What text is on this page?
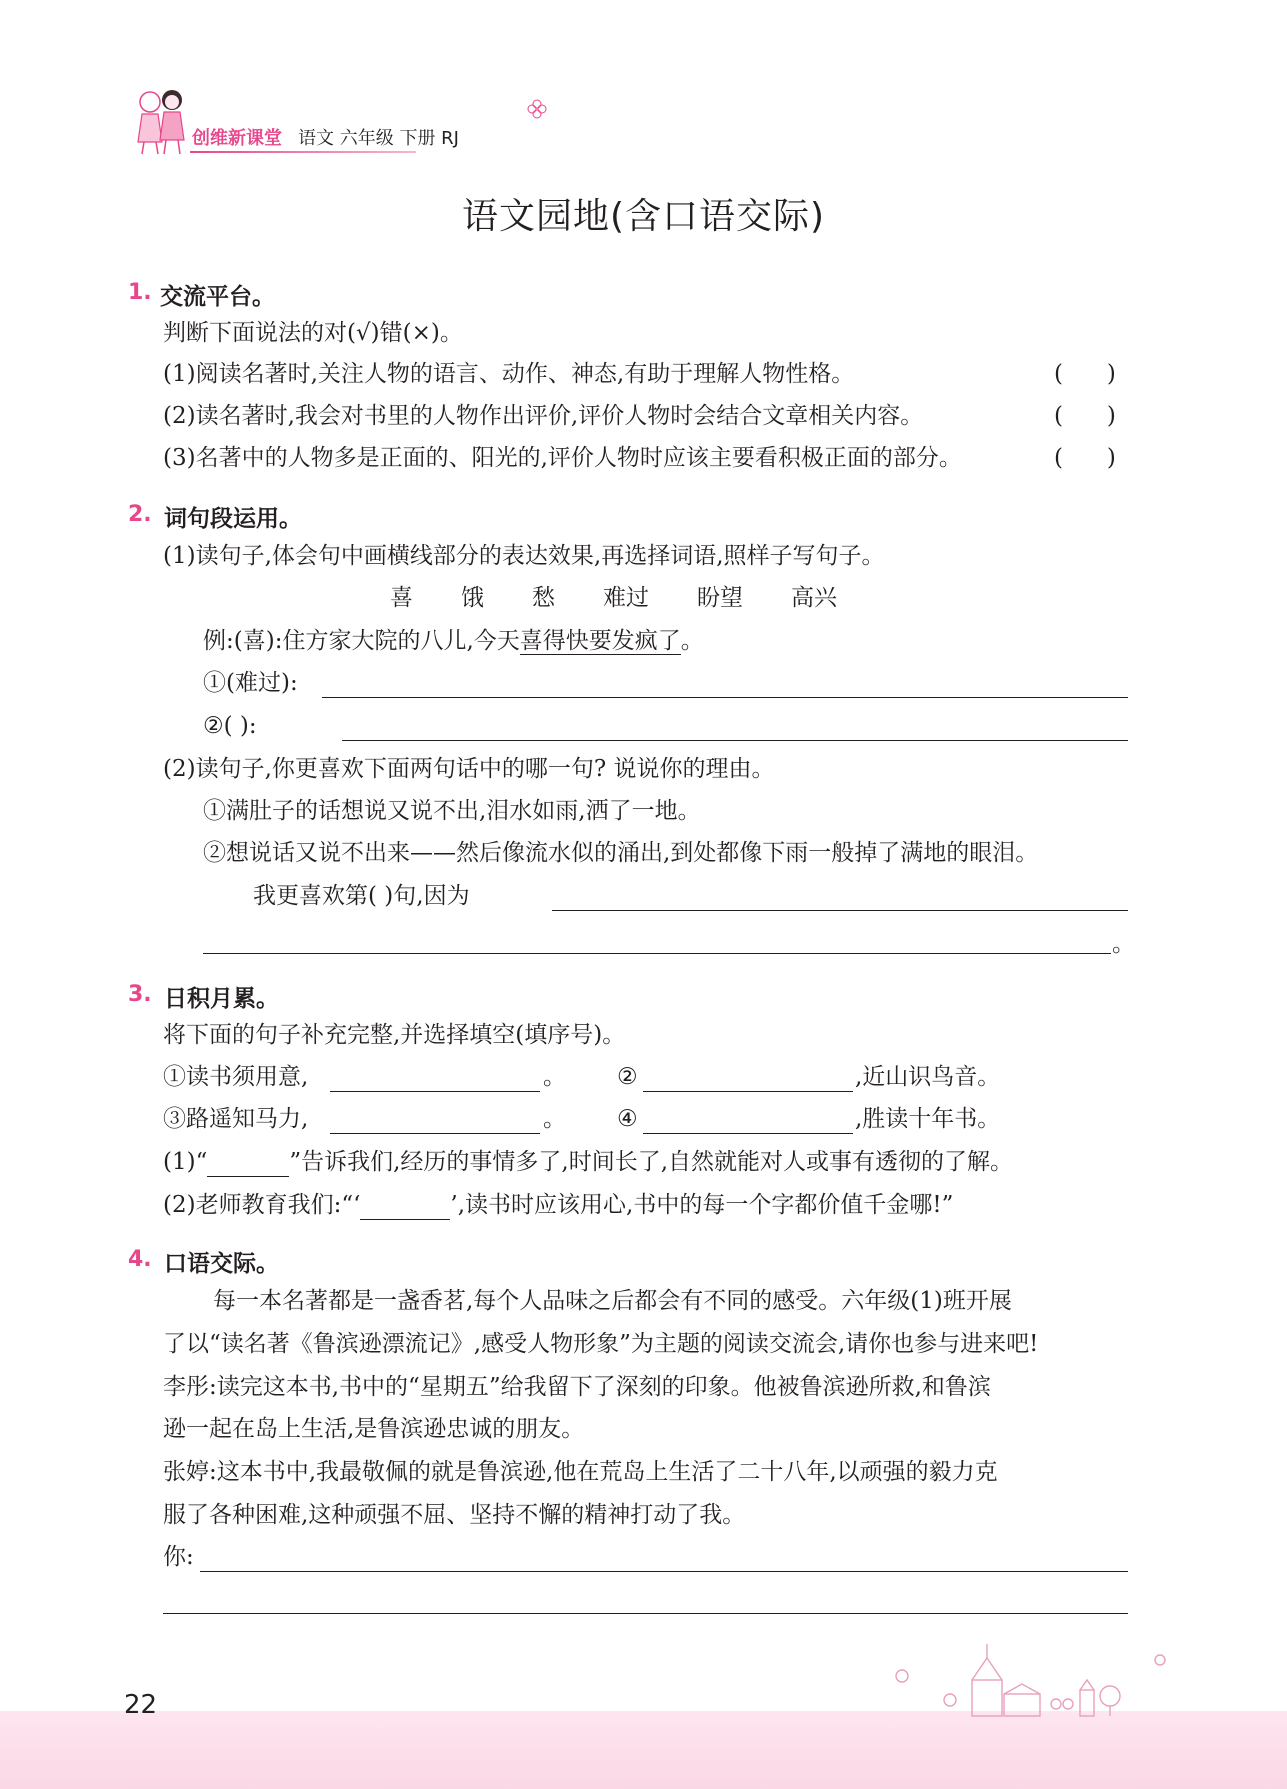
创维新课堂 语文 六年级 下册 RJ
语文园地(含口语交际)
1. 交流平台。
判断下面说法的对(√)错(×)。
(1)阅读名著时,关注人物的语言、动作、神态,有助于理解人物性格。	(      )
(2)读名著时,我会对书里的人物作出评价,评价人物时会结合文章相关内容。	(      )
(3)名著中的人物多是正面的、阳光的,评价人物时应该主要看积极正面的部分。	(      )
2. 词句段运用。
(1)读句子,体会句中画横线部分的表达效果,再选择词语,照样子写句子。
喜 饿 愁 难过 盼望 高兴
例:(喜):住方家大院的八儿,今天喜得快要发疯了。
①(难过):
②( ):
(2)读句子,你更喜欢下面两句话中的哪一句? 说说你的理由。
①满肚子的话想说又说不出,泪水如雨,洒了一地。
②想说话又说不出来——然后像流水似的涌出,到处都像下雨一般掉了满地的眼泪。
我更喜欢第( )句,因为
。
3. 日积月累。
将下面的句子补充完整,并选择填空(填序号)。
①读书须用意,	。 ②	,近山识鸟音。
③路遥知马力,	。 ④	,胜读十年书。
(1)“	”告诉我们,经历的事情多了,时间长了,自然就能对人或事有透彻的了解。
(2)老师教育我们:“‘	’,读书时应该用心,书中的每一个字都价值千金哪!”
4. 口语交际。
每一本名著都是一盏香茗,每个人品味之后都会有不同的感受。六年级(1)班开展
了以“读名著《鲁滨逊漂流记》,感受人物形象”为主题的阅读交流会,请你也参与进来吧!
李彤:读完这本书,书中的“星期五”给我留下了深刻的印象。他被鲁滨逊所救,和鲁滨
逊一起在岛上生活,是鲁滨逊忠诚的朋友。
张婷:这本书中,我最敬佩的就是鲁滨逊,他在荒岛上生活了二十八年,以顽强的毅力克
服了各种困难,这种顽强不屈、坚持不懈的精神打动了我。
你:
22
